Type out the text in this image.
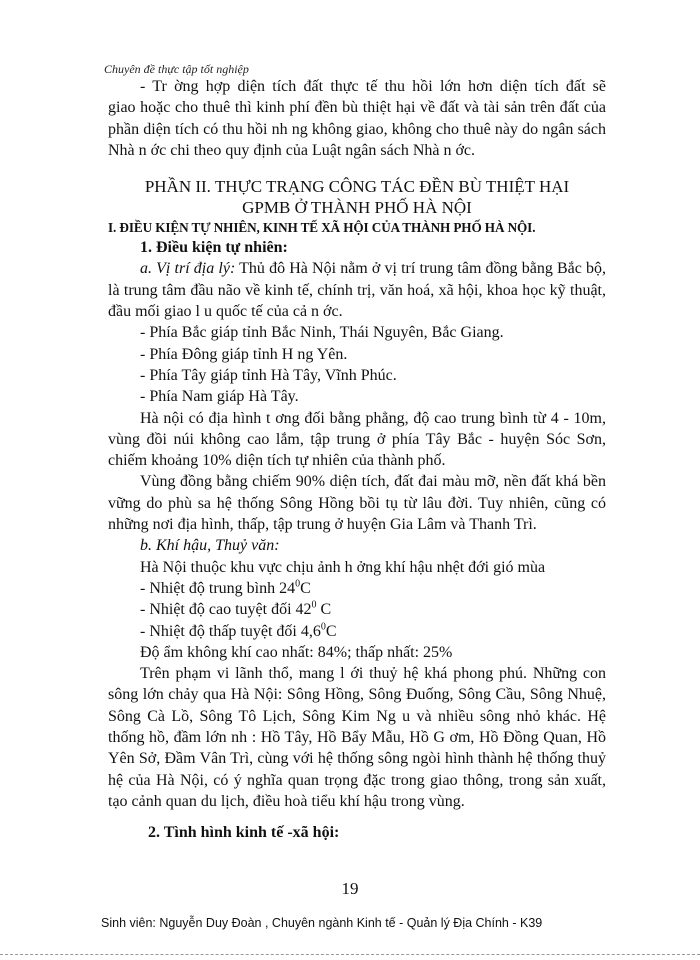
Chuyên đề thực tập tốt nghiệp

- Tr ờng hợp diện tích đất thực tế thu hồi lớn hơn diện tích đất sẽ

giao hoặc cho thuê thì kinh phí đền bù thiệt hại về đất và tài sản trên đất của phần diện tích có thu hồi nh ng không giao, không cho thuê này do ngân sách Nhà n ớc chi theo quy định của Luật ngân sách Nhà n ớc.

PHẦN II. THỰC TRẠNG CÔNG TÁC ĐỀN BÙ THIỆT HẠI
GPMB Ở THÀNH PHỐ HÀ NỘI

I. ĐIỀU KIỆN TỰ NHIÊN, KINH TẾ XÃ HỘI CỦA THÀNH PHỐ HÀ NỘI.

1. Điều kiện tự nhiên:

a. Vị trí địa lý: Thủ đô Hà Nội nằm ở vị trí trung tâm đồng bằng Bắc bộ, là trung tâm đầu não về kinh tế, chính trị, văn hoá, xã hội, khoa học kỹ thuật, đầu mối giao l u quốc tế của cả n ớc.

- Phía Bắc giáp tỉnh Bắc Ninh, Thái Nguyên, Bắc Giang.

- Phía Đông giáp tỉnh H ng Yên.

- Phía Tây giáp tỉnh Hà Tây, Vĩnh Phúc.

- Phía Nam giáp Hà Tây.

Hà nội có địa hình t ơng đối bằng phẳng, độ cao trung bình từ 4 - 10m, vùng đồi núi không cao lắm, tập trung ở phía Tây Bắc - huyện Sóc Sơn, chiếm khoảng 10% diện tích tự nhiên của thành phố.

Vùng đồng bằng chiếm 90% diện tích, đất đai màu mỡ, nền đất khá bền vững do phù sa hệ thống Sông Hồng bồi tụ từ lâu đời. Tuy nhiên, cũng có những nơi địa hình, thấp, tập trung ở huyện Gia Lâm và Thanh Trì.

b. Khí hậu, Thuỷ văn:

Hà Nội thuộc khu vực chịu ảnh h ởng khí hậu nhệt đới gió mùa

- Nhiệt độ trung bình $24^0C$

- Nhiệt độ cao tuyệt đối $42^0$ C

- Nhiệt độ thấp tuyệt đối $4,6^0C$

Độ ẩm không khí cao nhất: 84%; thấp nhất: 25%

Trên phạm vi lãnh thổ, mang l ới thuỷ hệ khá phong phú. Những con sông lớn chảy qua Hà Nội: Sông Hồng, Sông Đuống, Sông Cầu, Sông Nhuệ, Sông Cà Lồ, Sông Tô Lịch, Sông Kim Ng u và nhiều sông nhỏ khác. Hệ thống hồ, đầm lớn nh : Hồ Tây, Hồ Bẩy Mẫu, Hồ G ơm, Hồ Đồng Quan, Hồ Yên Sở, Đầm Vân Trì, cùng với hệ thống sông ngòi hình thành hệ thống thuỷ hệ của Hà Nội, có ý nghĩa quan trọng đặc trong giao thông, trong sản xuất, tạo cảnh quan du lịch, điều hoà tiểu khí hậu trong vùng.

2. Tình hình kinh tế -xã hội:

19
Sinh viên: Nguyễn Duy Đoàn , Chuyên ngành Kinh tế - Quản lý Địa Chính - K39
